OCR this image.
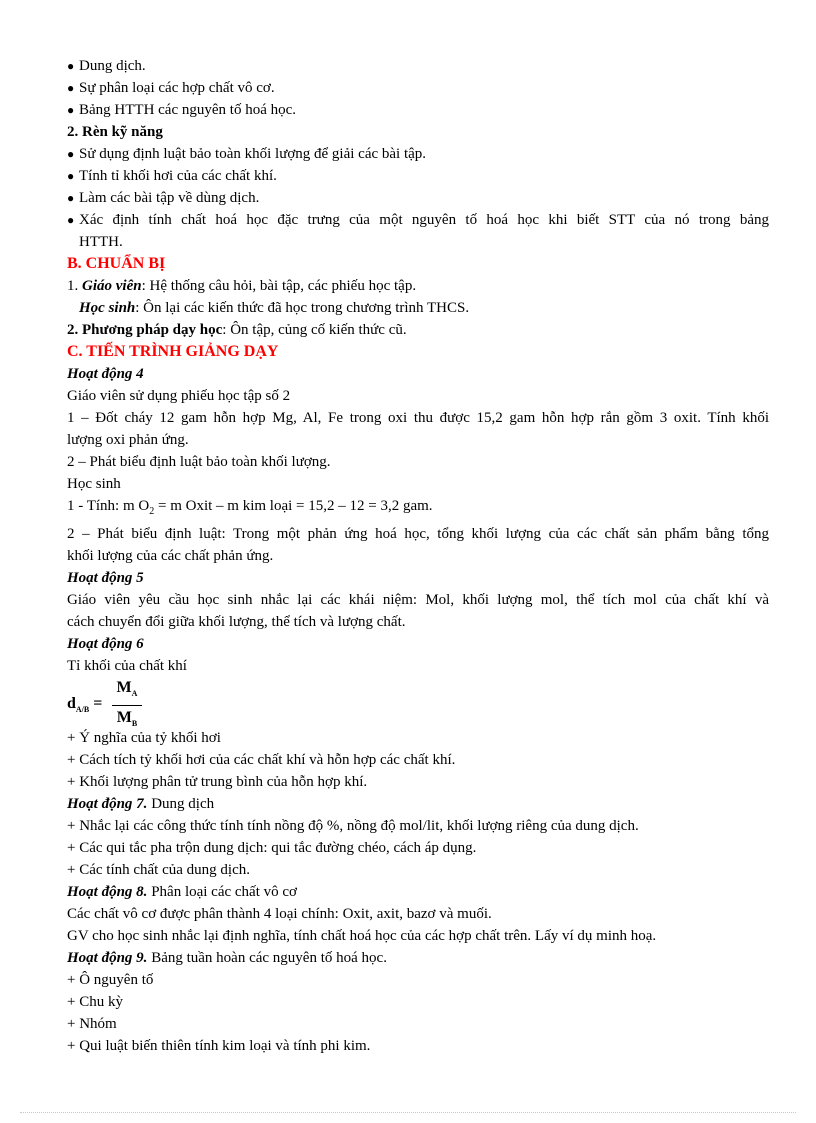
● Dung dịch.
● Sự phân loại các hợp chất vô cơ.
● Bảng HTTH các nguyên tố hoá học.
2. Rèn kỹ năng
● Sử dụng định luật bảo toàn khối lượng để giải các bài tập.
● Tính tỉ khối hơi của các chất khí.
● Làm các bài tập về dùng dịch.
● Xác định tính chất hoá học đặc trưng của một nguyên tố hoá học khi biết STT của nó trong bảng
HTTH.
B. CHUẨN BỊ
1. Giáo viên: Hệ thống câu hỏi, bài tập, các phiếu học tập.
Học sinh: Ôn lại các kiến thức đã học trong chương trình THCS.
2. Phương pháp dạy học: Ôn tập, củng cố kiến thức cũ.
C. TIẾN TRÌNH GIẢNG DẠY
Hoạt động 4
Giáo viên sử dụng phiếu học tập số 2
1 – Đốt cháy 12 gam hỗn hợp Mg, Al, Fe trong oxi thu được 15,2 gam hỗn hợp rắn gồm 3 oxit. Tính khối
lượng oxi phản ứng.
2 – Phát biểu định luật bảo toàn khối lượng.
Học sinh
1 - Tính: m $O_2 = m$ Oxit – m kim loại = 15,2 – 12 = 3,2 gam.
2 – Phát biểu định luật: Trong một phản ứng hoá học, tổng khối lượng của các chất sản phẩm bằng tổng
khối lượng của các chất phản ứng.
Hoạt động 5
Giáo viên yêu cầu học sinh nhắc lại các khái niệm: Mol, khối lượng mol, thể tích mol của chất khí và
cách chuyển đổi giữa khối lượng, thể tích và lượng chất.
Hoạt động 6
Tỉ khối của chất khí
$d_{A/B} = \frac{M_A}{M_B}$
+ Ý nghĩa của tỷ khối hơi
+ Cách tích tỷ khối hơi của các chất khí và hỗn hợp các chất khí.
+ Khối lượng phân tử trung bình của hỗn hợp khí.
Hoạt động 7. Dung dịch
+ Nhắc lại các công thức tính tính nồng độ %, nồng độ mol/lit, khối lượng riêng của dung dịch.
+ Các qui tắc pha trộn dung dịch: qui tắc đường chéo, cách áp dụng.
+ Các tính chất của dung dịch.
Hoạt động 8. Phân loại các chất vô cơ
Các chất vô cơ được phân thành 4 loại chính: Oxit, axit, bazơ và muối.
GV cho học sinh nhắc lại định nghĩa, tính chất hoá học của các hợp chất trên. Lấy ví dụ minh hoạ.
Hoạt động 9. Bảng tuần hoàn các nguyên tố hoá học.
+ Ô nguyên tố
+ Chu kỳ
+ Nhóm
+ Qui luật biến thiên tính kim loại và tính phi kim.
